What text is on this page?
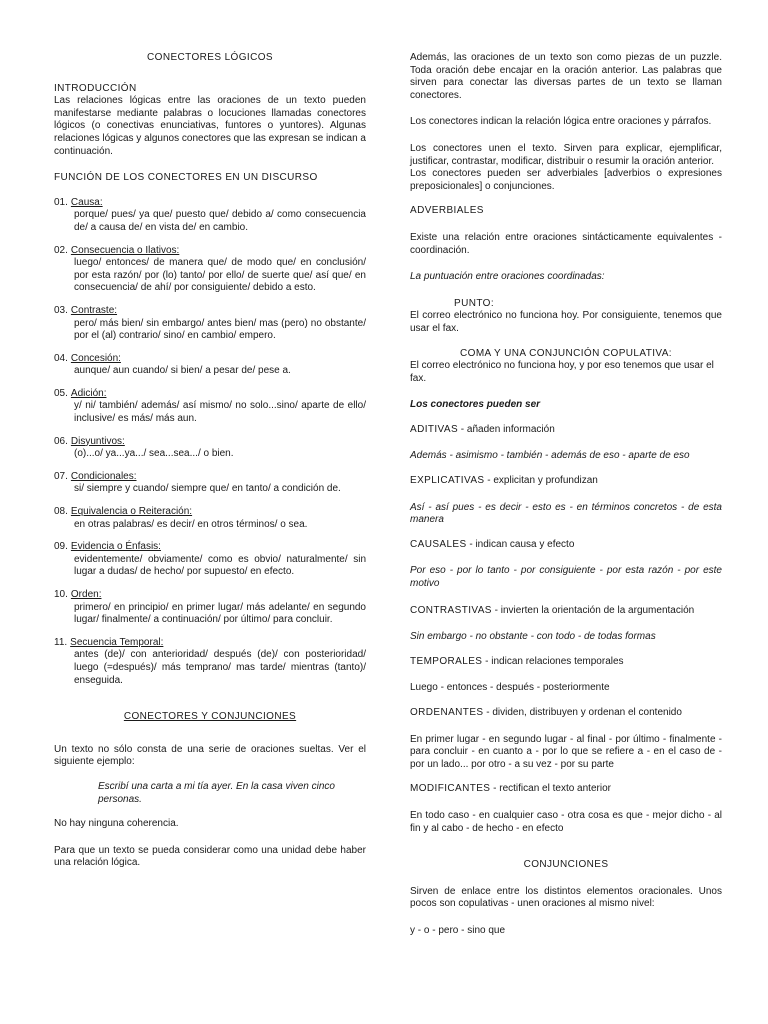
CONECTORES LÓGICOS

INTRODUCCIÓN

Las relaciones lógicas entre las oraciones de un texto pueden manifestarse mediante palabras o locuciones llamadas conectores lógicos (o conectivas enunciativas, funtores o yuntores). Algunas relaciones lógicas y algunos conectores que las expresan se indican a continuación.

FUNCIÓN DE LOS CONECTORES EN UN DISCURSO

01. Causa:

porque/ pues/ ya que/ puesto que/ debido a/ como consecuencia de/ a causa de/ en vista de/ en cambio.

02. Consecuencia o Ilativos:

luego/ entonces/ de manera que/ de modo que/ en conclusión/ por esta razón/ por (lo) tanto/ por ello/ de suerte que/ así que/ en consecuencia/ de ahí/ por consiguiente/ debido a esto.

03. Contraste:

pero/ más bien/ sin embargo/ antes bien/ mas (pero) no obstante/ por el (al) contrario/ sino/ en cambio/ empero.

04. Concesión:

aunque/ aun cuando/ si bien/ a pesar de/ pese a.

05. Adición:

y/ ni/ también/ además/ así mismo/ no solo...sino/ aparte de ello/ inclusive/ es más/ más aun.

06. Disyuntivos:

(o)...o/ ya...ya.../ sea...sea.../ o bien.

07. Condicionales:

si/ siempre y cuando/ siempre que/ en tanto/ a condición de.

08. Equivalencia o Reiteración:

en otras palabras/ es decir/ en otros términos/ o sea.

09. Evidencia o Énfasis:

evidentemente/ obviamente/ como es obvio/ naturalmente/ sin lugar a dudas/ de hecho/ por supuesto/ en efecto.

10. Orden:

primero/ en principio/ en primer lugar/ más adelante/ en segundo lugar/ finalmente/ a continuación/ por último/ para concluir.

11. Secuencia Temporal:

antes (de)/ con anterioridad/ después (de)/ con posterioridad/ luego (=después)/ más temprano/ mas tarde/ mientras (tanto)/ enseguida.

CONECTORES Y CONJUNCIONES

Un texto no sólo consta de una serie de oraciones sueltas. Ver el siguiente ejemplo:

Escribí una carta a mi tía ayer. En la casa viven cinco personas.

No hay ninguna coherencia.

Para que un texto se pueda considerar como una unidad debe haber una relación lógica.

Además, las oraciones de un texto son como piezas de un puzzle. Toda oración debe encajar en la oración anterior. Las palabras que sirven para conectar las diversas partes de un texto se llaman conectores.

Los conectores indican la relación lógica entre oraciones y párrafos.

Los conectores unen el texto. Sirven para explicar, ejemplificar, justificar, contrastar, modificar, distribuir o resumir la oración anterior.

Los conectores pueden ser adverbiales [adverbios o expresiones preposicionales] o conjunciones.

ADVERBIALES

Existe una relación entre oraciones sintácticamente equivalentes - coordinación.

La puntuación entre oraciones coordinadas:

PUNTO:

El correo electrónico no funciona hoy. Por consiguiente, tenemos que usar el fax.

COMA Y UNA CONJUNCIÓN COPULATIVA:

El correo electrónico no funciona hoy, y por eso tenemos que usar el fax.

Los conectores pueden ser

ADITIVAS - añaden información

Además - asimismo - también - además de eso - aparte de eso

EXPLICATIVAS - explicitan y profundizan

Así - así pues - es decir - esto es - en términos concretos - de esta manera

CAUSALES - indican causa y efecto

Por eso - por lo tanto - por consiguiente - por esta razón - por este motivo

CONTRASTIVAS - invierten la orientación de la argumentación

Sin embargo - no obstante - con todo - de todas formas

TEMPORALES - indican relaciones temporales

Luego - entonces - después - posteriormente

ORDENANTES - dividen, distribuyen y ordenan el contenido

En primer lugar - en segundo lugar - al final - por último - finalmente - para concluir - en cuanto a - por lo que se refiere a - en el caso de - por un lado... por otro - a su vez - por su parte

MODIFICANTES - rectifican el texto anterior

En todo caso - en cualquier caso - otra cosa es que - mejor dicho - al fin y al cabo - de hecho - en efecto

CONJUNCIONES

Sirven de enlace entre los distintos elementos oracionales. Unos pocos son copulativas - unen oraciones al mismo nivel:

y - o - pero - sino que
